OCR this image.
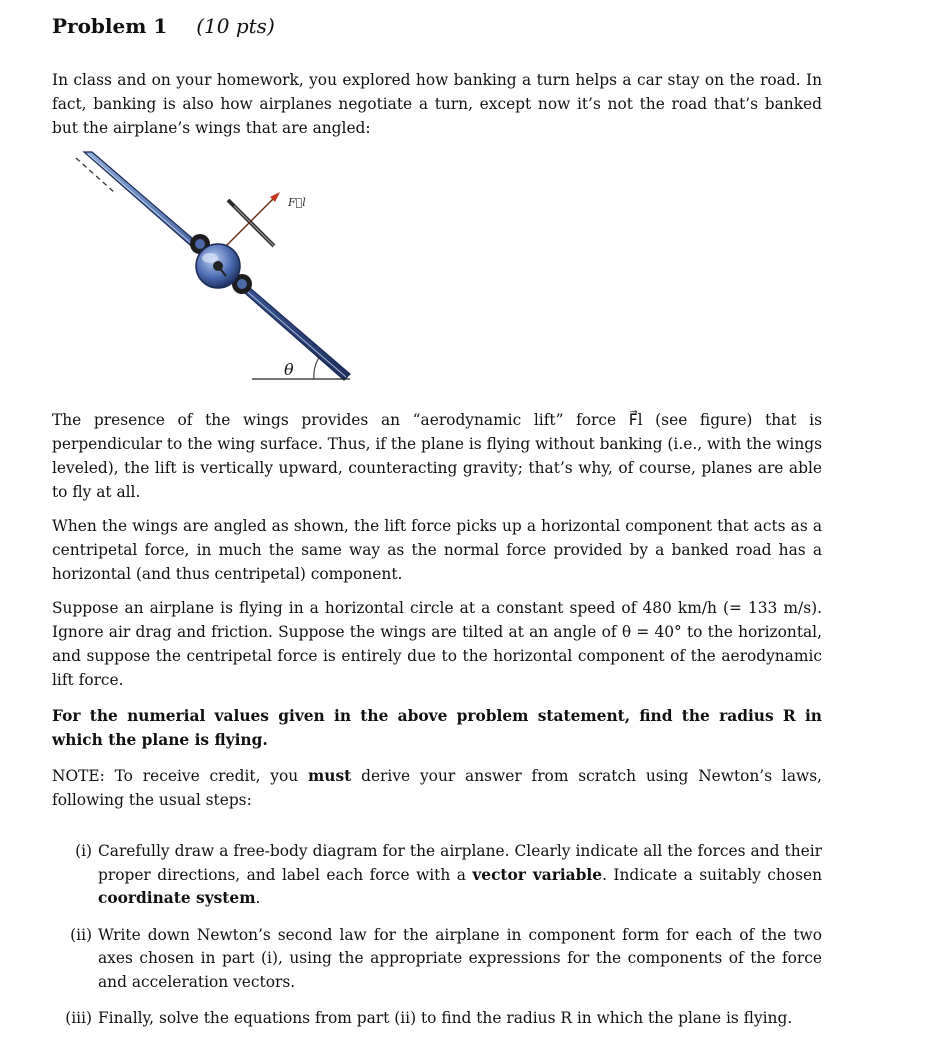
Problem 1 (10 pts)

In class and on your homework, you explored how banking a turn helps a car stay on the road. In fact, banking is also how airplanes negotiate a turn, except now it’s not the road that’s banked but the airplane’s wings that are angled:

F⃗l
θ

The presence of the wings provides an “aerodynamic lift” force F⃗l (see figure) that is perpendicular to the wing surface. Thus, if the plane is flying without banking (i.e., with the wings leveled), the lift is vertically upward, counteracting gravity; that’s why, of course, planes are able to fly at all.

When the wings are angled as shown, the lift force picks up a horizontal component that acts as a centripetal force, in much the same way as the normal force provided by a banked road has a horizontal (and thus centripetal) component.

Suppose an airplane is flying in a horizontal circle at a constant speed of 480 km/h (= 133 m/s). Ignore air drag and friction. Suppose the wings are tilted at an angle of θ = 40° to the horizontal, and suppose the centripetal force is entirely due to the horizontal component of the aerodynamic lift force.

For the numerial values given in the above problem statement, find the radius R in which the plane is flying.

NOTE: To receive credit, you must derive your answer from scratch using Newton’s laws, following the usual steps:

(i) Carefully draw a free-body diagram for the airplane. Clearly indicate all the forces and their proper directions, and label each force with a vector variable. Indicate a suitably chosen coordinate system.
(ii) Write down Newton’s second law for the airplane in component form for each of the two axes chosen in part (i), using the appropriate expressions for the components of the force and acceleration vectors.
(iii) Finally, solve the equations from part (ii) to find the radius R in which the plane is flying.
